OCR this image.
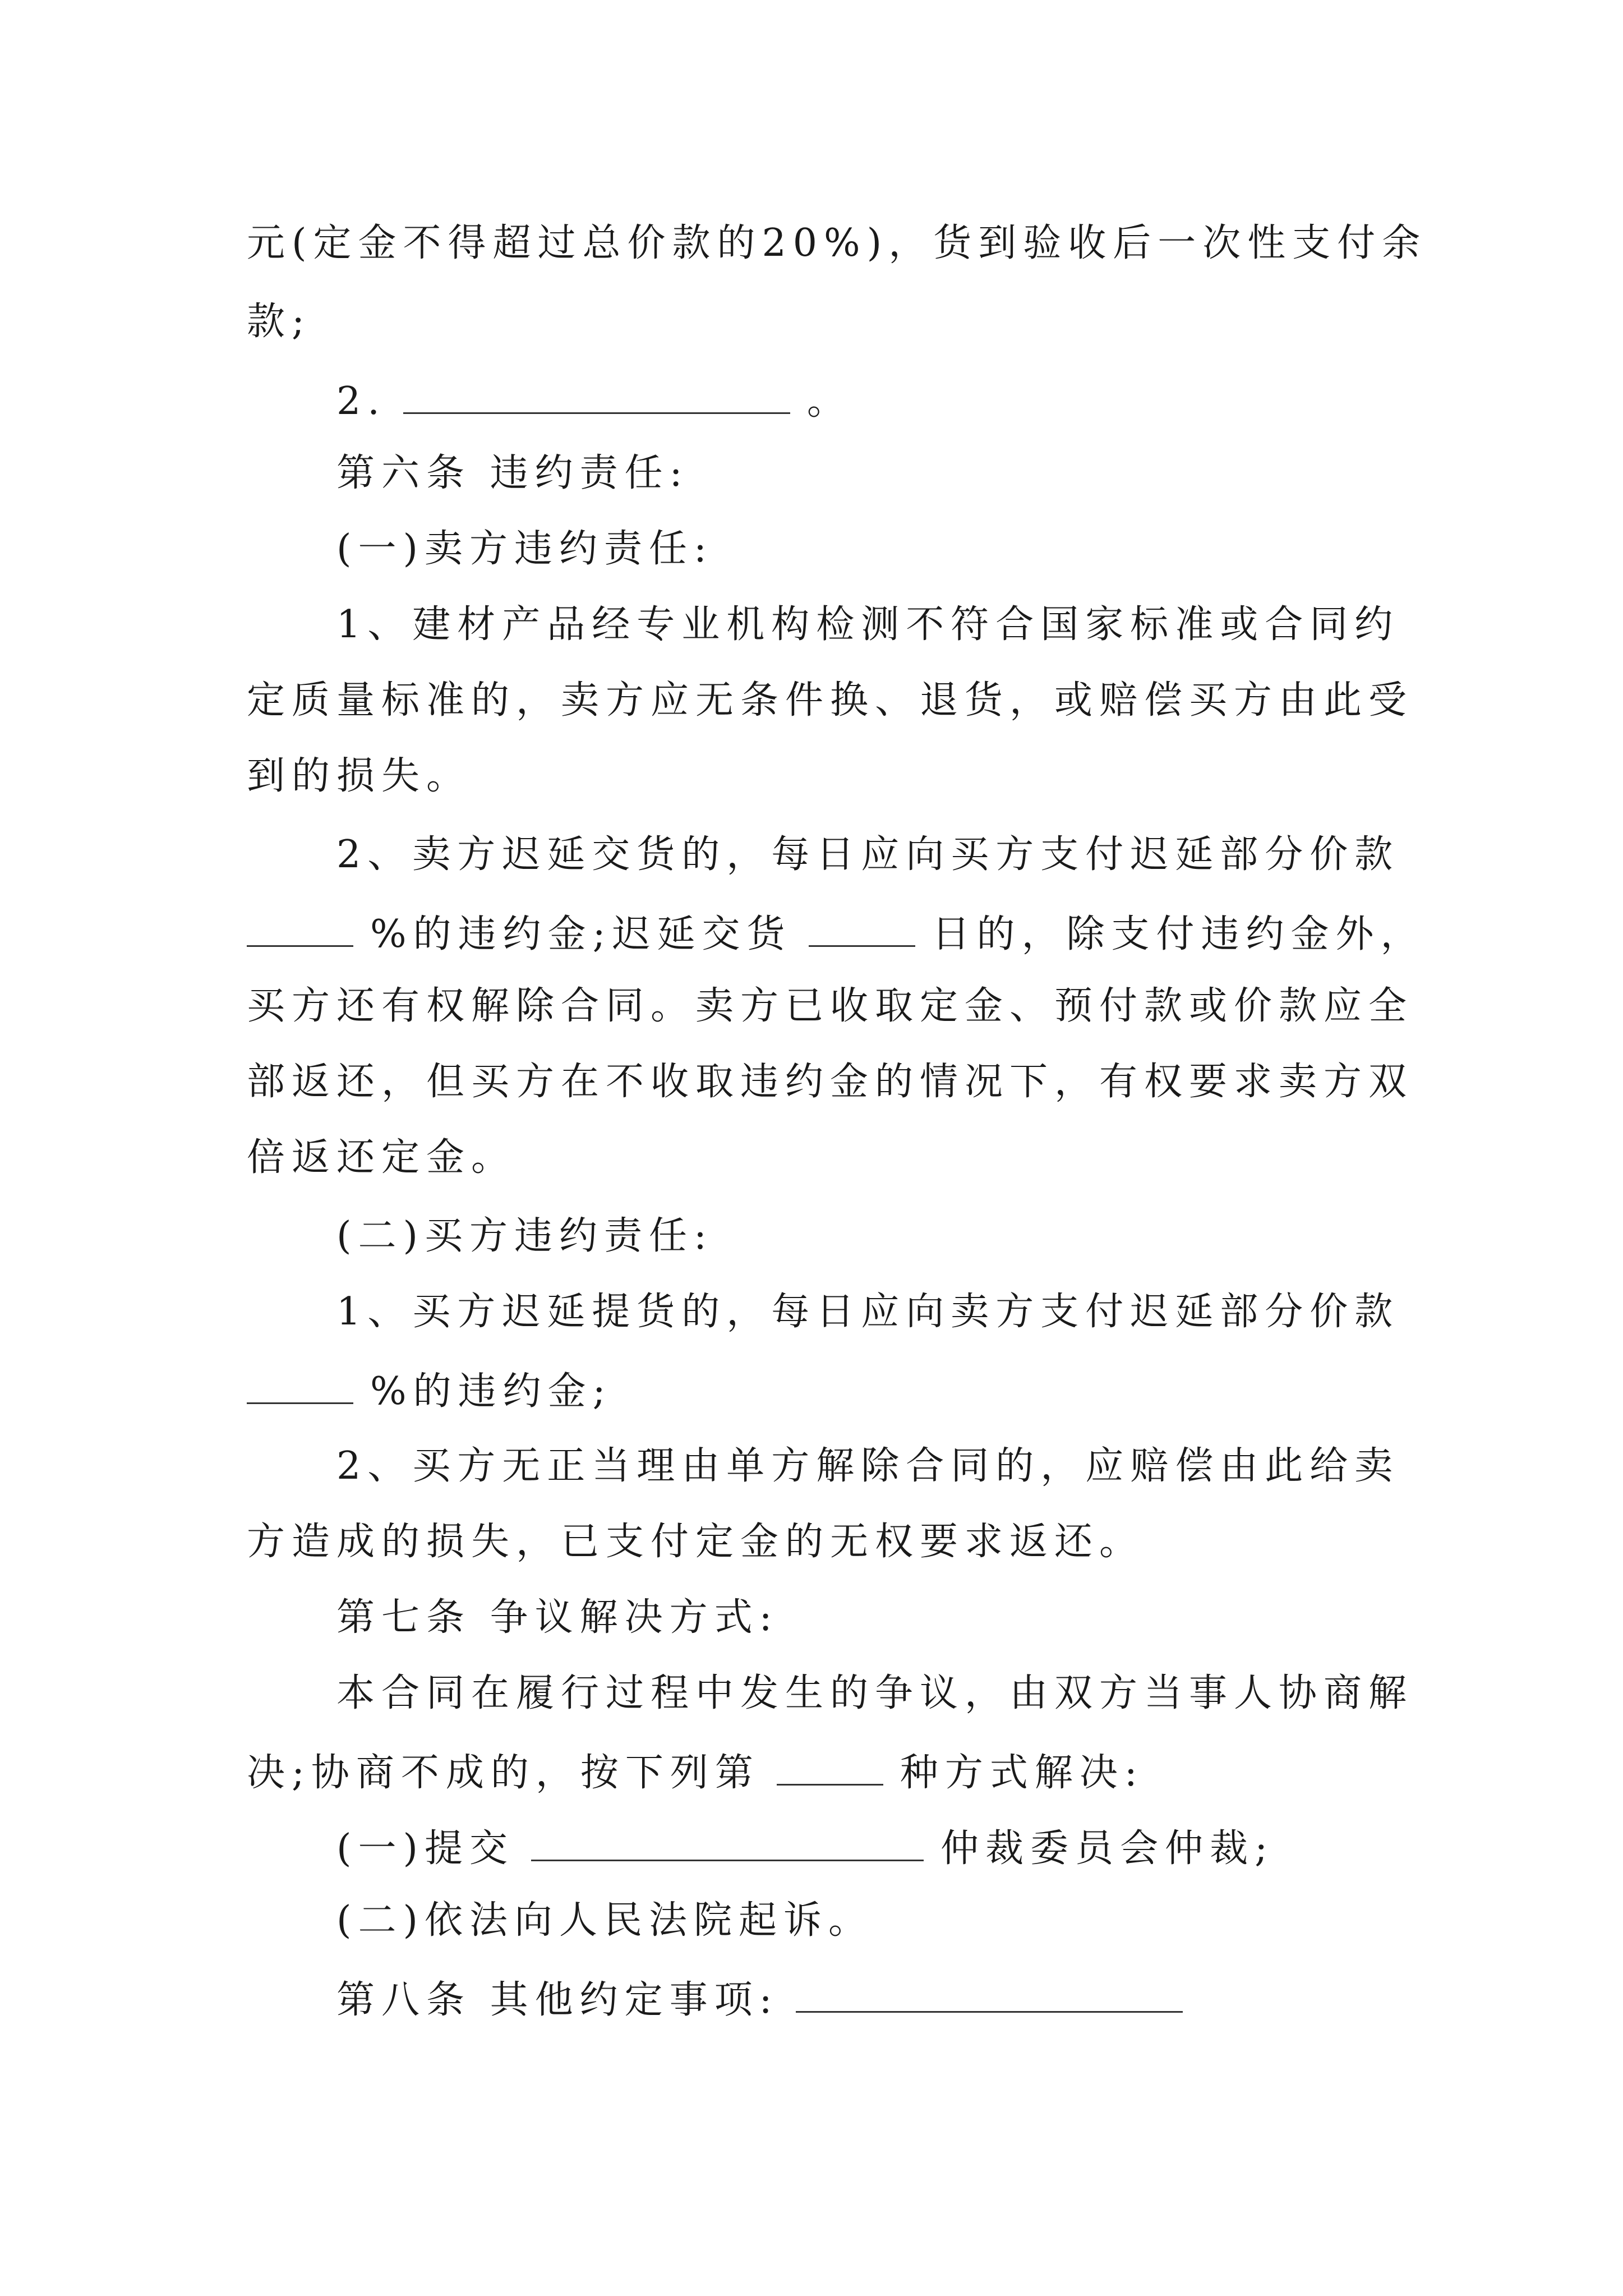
元(定金不得超过总价款的20%)，货到验收后一次性支付余
款;
2.	。
第六条 违约责任:
(一)卖方违约责任:
1、建材产品经专业机构检测不符合国家标准或合同约
定质量标准的，卖方应无条件换、退货，或赔偿买方由此受
到的损失。
2、卖方迟延交货的，每日应向买方支付迟延部分价款
%的违约金;迟延交货	日的，除支付违约金外，
买方还有权解除合同。卖方已收取定金、预付款或价款应全
部返还，但买方在不收取违约金的情况下，有权要求卖方双
倍返还定金。
(二)买方违约责任:
1、买方迟延提货的，每日应向卖方支付迟延部分价款
%的违约金;
2、买方无正当理由单方解除合同的，应赔偿由此给卖
方造成的损失，已支付定金的无权要求返还。
第七条 争议解决方式:
本合同在履行过程中发生的争议，由双方当事人协商解
决;协商不成的，按下列第	种方式解决:
(一)提交	仲裁委员会仲裁;
(二)依法向人民法院起诉。
第八条 其他约定事项:
